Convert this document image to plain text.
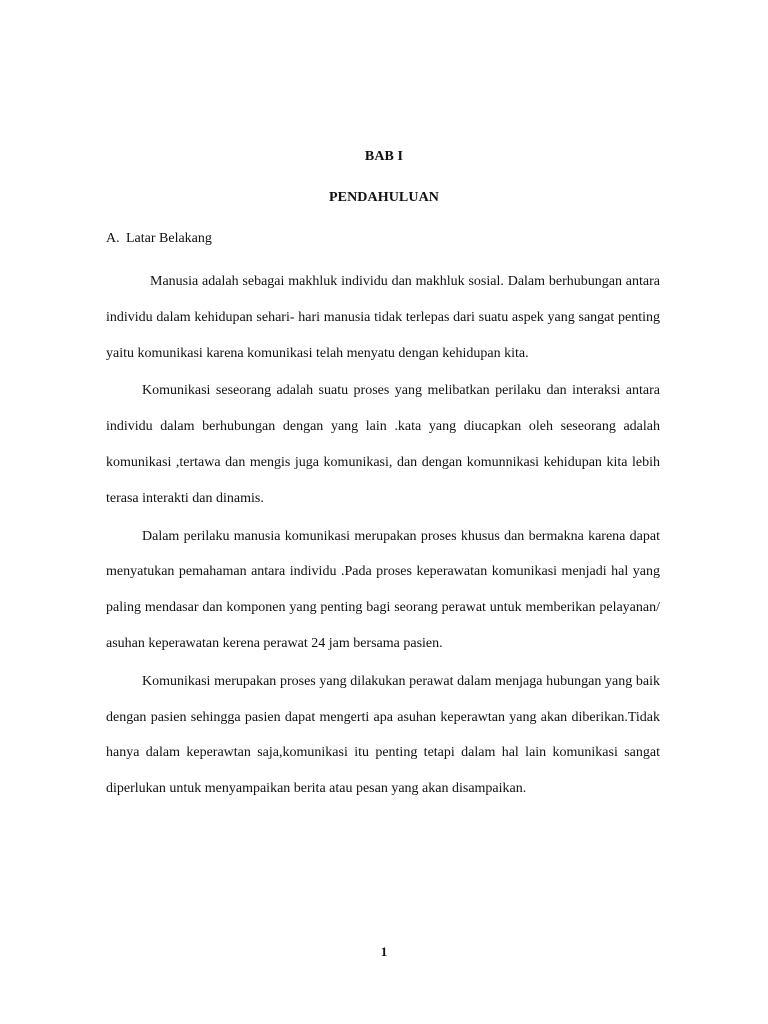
BAB I
PENDAHULUAN
A. Latar Belakang

Manusia adalah sebagai makhluk individu dan makhluk sosial. Dalam berhubungan antara individu dalam kehidupan sehari- hari manusia tidak terlepas dari suatu aspek yang sangat penting yaitu komunikasi karena komunikasi telah menyatu dengan kehidupan kita.

Komunikasi seseorang adalah suatu proses yang melibatkan perilaku dan interaksi antara individu dalam berhubungan dengan yang lain .kata yang diucapkan oleh seseorang adalah komunikasi ,tertawa dan mengis juga komunikasi, dan dengan komunnikasi kehidupan kita lebih terasa interakti dan dinamis.

Dalam perilaku manusia komunikasi merupakan proses khusus dan bermakna karena dapat menyatukan pemahaman antara individu .Pada proses keperawatan komunikasi menjadi hal yang paling mendasar dan komponen yang penting bagi seorang perawat untuk memberikan pelayanan/ asuhan keperawatan kerena perawat 24 jam bersama pasien.

Komunikasi merupakan proses yang dilakukan perawat dalam menjaga hubungan yang baik dengan pasien sehingga pasien dapat mengerti apa asuhan keperawtan yang akan diberikan.Tidak hanya dalam keperawtan saja,komunikasi itu penting tetapi dalam hal lain komunikasi sangat diperlukan untuk menyampaikan berita atau pesan yang akan disampaikan.

1
